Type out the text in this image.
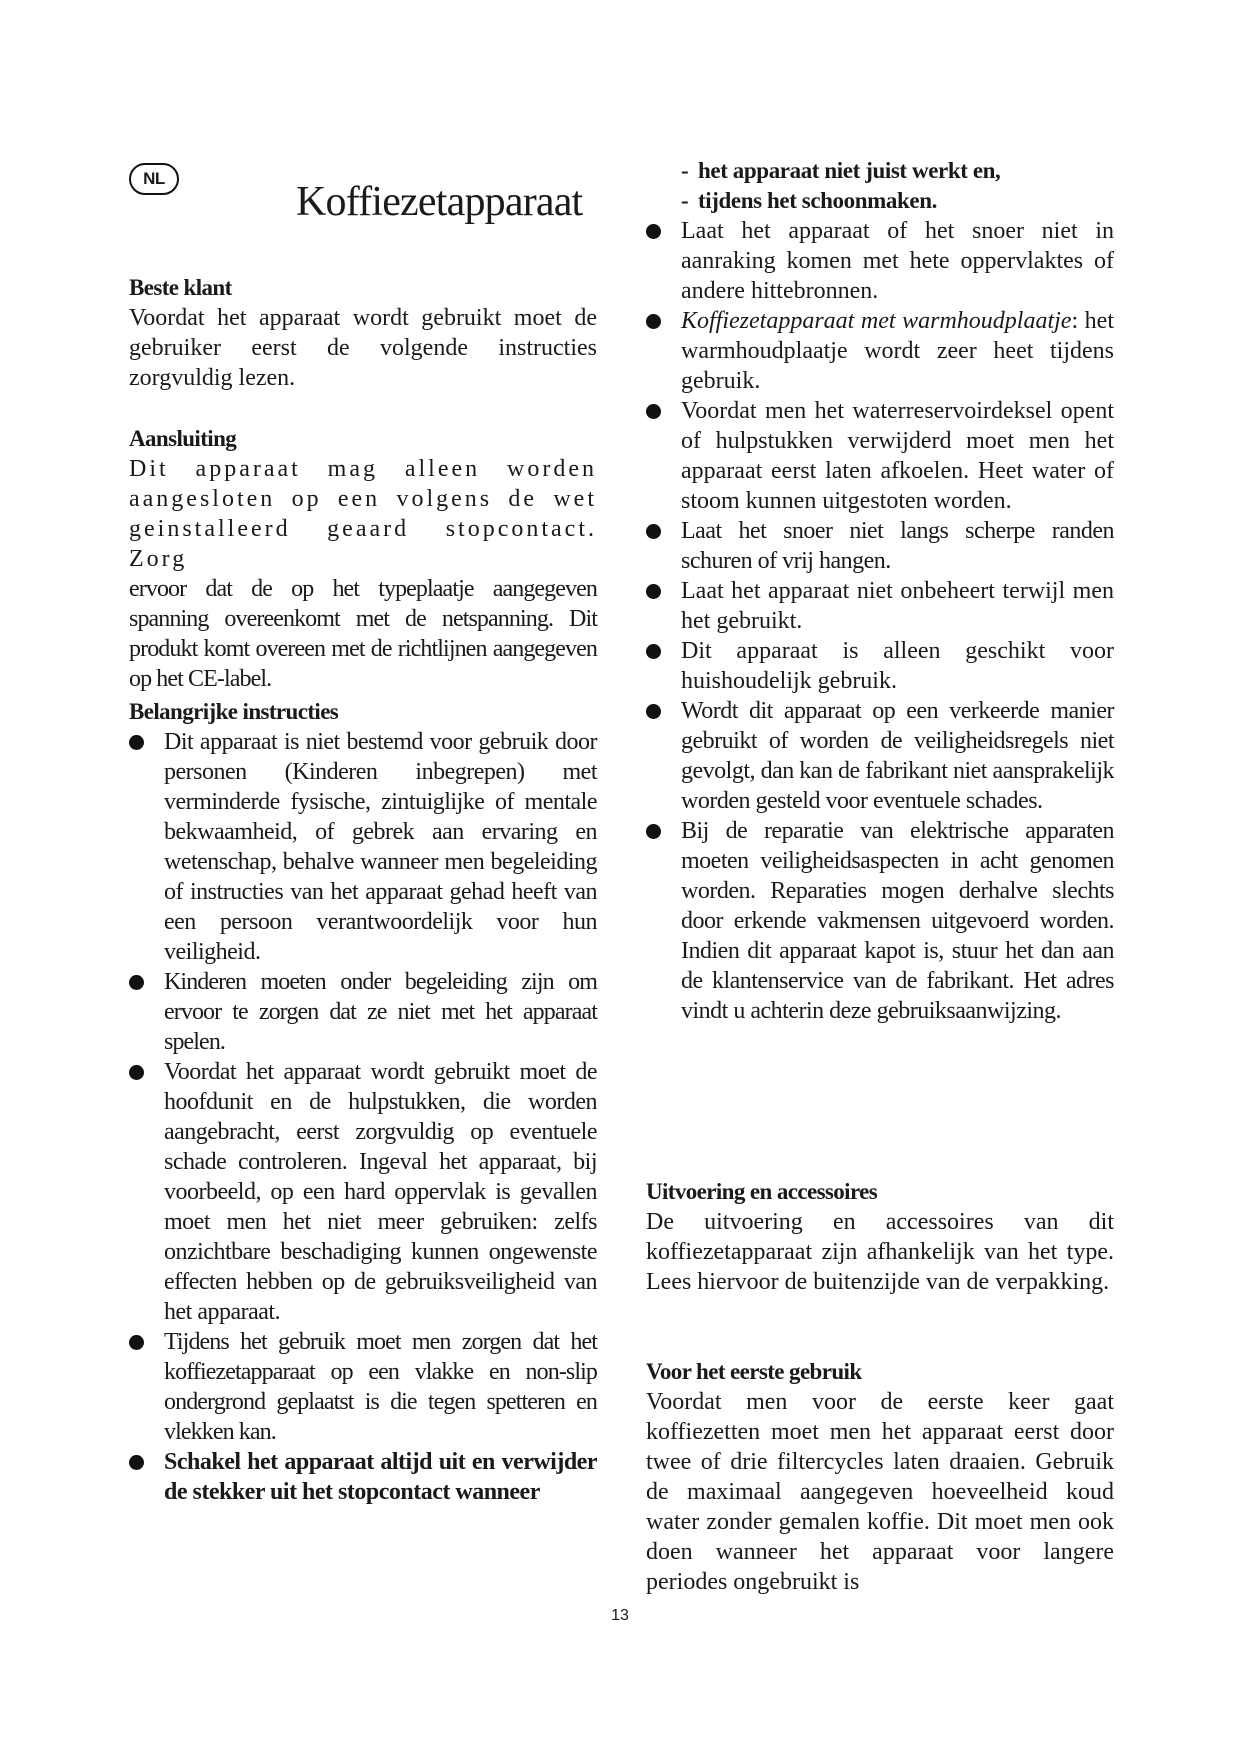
NL
Koffiezetapparaat
Beste klant

Voordat het apparaat wordt gebruikt moet de gebruiker eerst de volgende instructies zorgvuldig lezen.

Aansluiting

Dit apparaat mag alleen worden aangesloten op een volgens de wet geinstalleerd geaard stopcontact. Zorg

ervoor dat de op het typeplaatje aangegeven spanning overeenkomt met de netspanning. Dit produkt komt overeen met de richtlijnen aangegeven op het CE-label.

Belangrijke instructies
Dit apparaat is niet bestemd voor gebruik door personen (Kinderen inbegrepen) met verminderde fysische, zintuiglijke of mentale bekwaamheid, of gebrek aan ervaring en wetenschap, behalve wanneer men begeleiding of instructies van het apparaat gehad heeft van een persoon verantwoordelijk voor hun veiligheid.
Kinderen moeten onder begeleiding zijn om ervoor te zorgen dat ze niet met het apparaat spelen.
Voordat het apparaat wordt gebruikt moet de hoofdunit en de hulpstukken, die worden aangebracht, eerst zorgvuldig op eventuele schade controleren. Ingeval het apparaat, bij voorbeeld, op een hard oppervlak is gevallen moet men het niet meer gebruiken: zelfs onzichtbare beschadiging kunnen ongewenste effecten hebben op de gebruiksveiligheid van het apparaat.
Tijdens het gebruik moet men zorgen dat het koffiezetapparaat op een vlakke en non-slip ondergrond geplaatst is die tegen spetteren en vlekken kan.
Schakel het apparaat altijd uit en verwijder de stekker uit het stopcontact wanneer
- het apparaat niet juist werkt en,
- tijdens het schoonmaken.
Laat het apparaat of het snoer niet in aanraking komen met hete oppervlaktes of andere hittebronnen.
Koffiezetapparaat met warmhoudplaatje: het warmhoudplaatje wordt zeer heet tijdens gebruik.
Voordat men het waterreservoirdeksel opent of hulpstukken verwijderd moet men het apparaat eerst laten afkoelen. Heet water of stoom kunnen uitgestoten worden.
Laat het snoer niet langs scherpe randen schuren of vrij hangen.
Laat het apparaat niet onbeheert terwijl men het gebruikt.
Dit apparaat is alleen geschikt voor huishoudelijk gebruik.
Wordt dit apparaat op een verkeerde manier gebruikt of worden de veiligheidsregels niet gevolgt, dan kan de fabrikant niet aansprakelijk worden gesteld voor eventuele schades.
Bij de reparatie van elektrische apparaten moeten veiligheidsaspecten in acht genomen worden. Reparaties mogen derhalve slechts door erkende vakmensen uitgevoerd worden. Indien dit apparaat kapot is, stuur het dan aan de klantenservice van de fabrikant. Het adres vindt u achterin deze gebruiksaanwijzing.
Uitvoering en accessoires

De uitvoering en accessoires van dit koffiezetapparaat zijn afhankelijk van het type. Lees hiervoor de buitenzijde van de verpakking.

Voor het eerste gebruik

Voordat men voor de eerste keer gaat koffiezetten moet men het apparaat eerst door twee of drie filtercycles laten draaien. Gebruik de maximaal aangegeven hoeveelheid koud water zonder gemalen koffie. Dit moet men ook doen wanneer het apparaat voor langere periodes ongebruikt is

13
